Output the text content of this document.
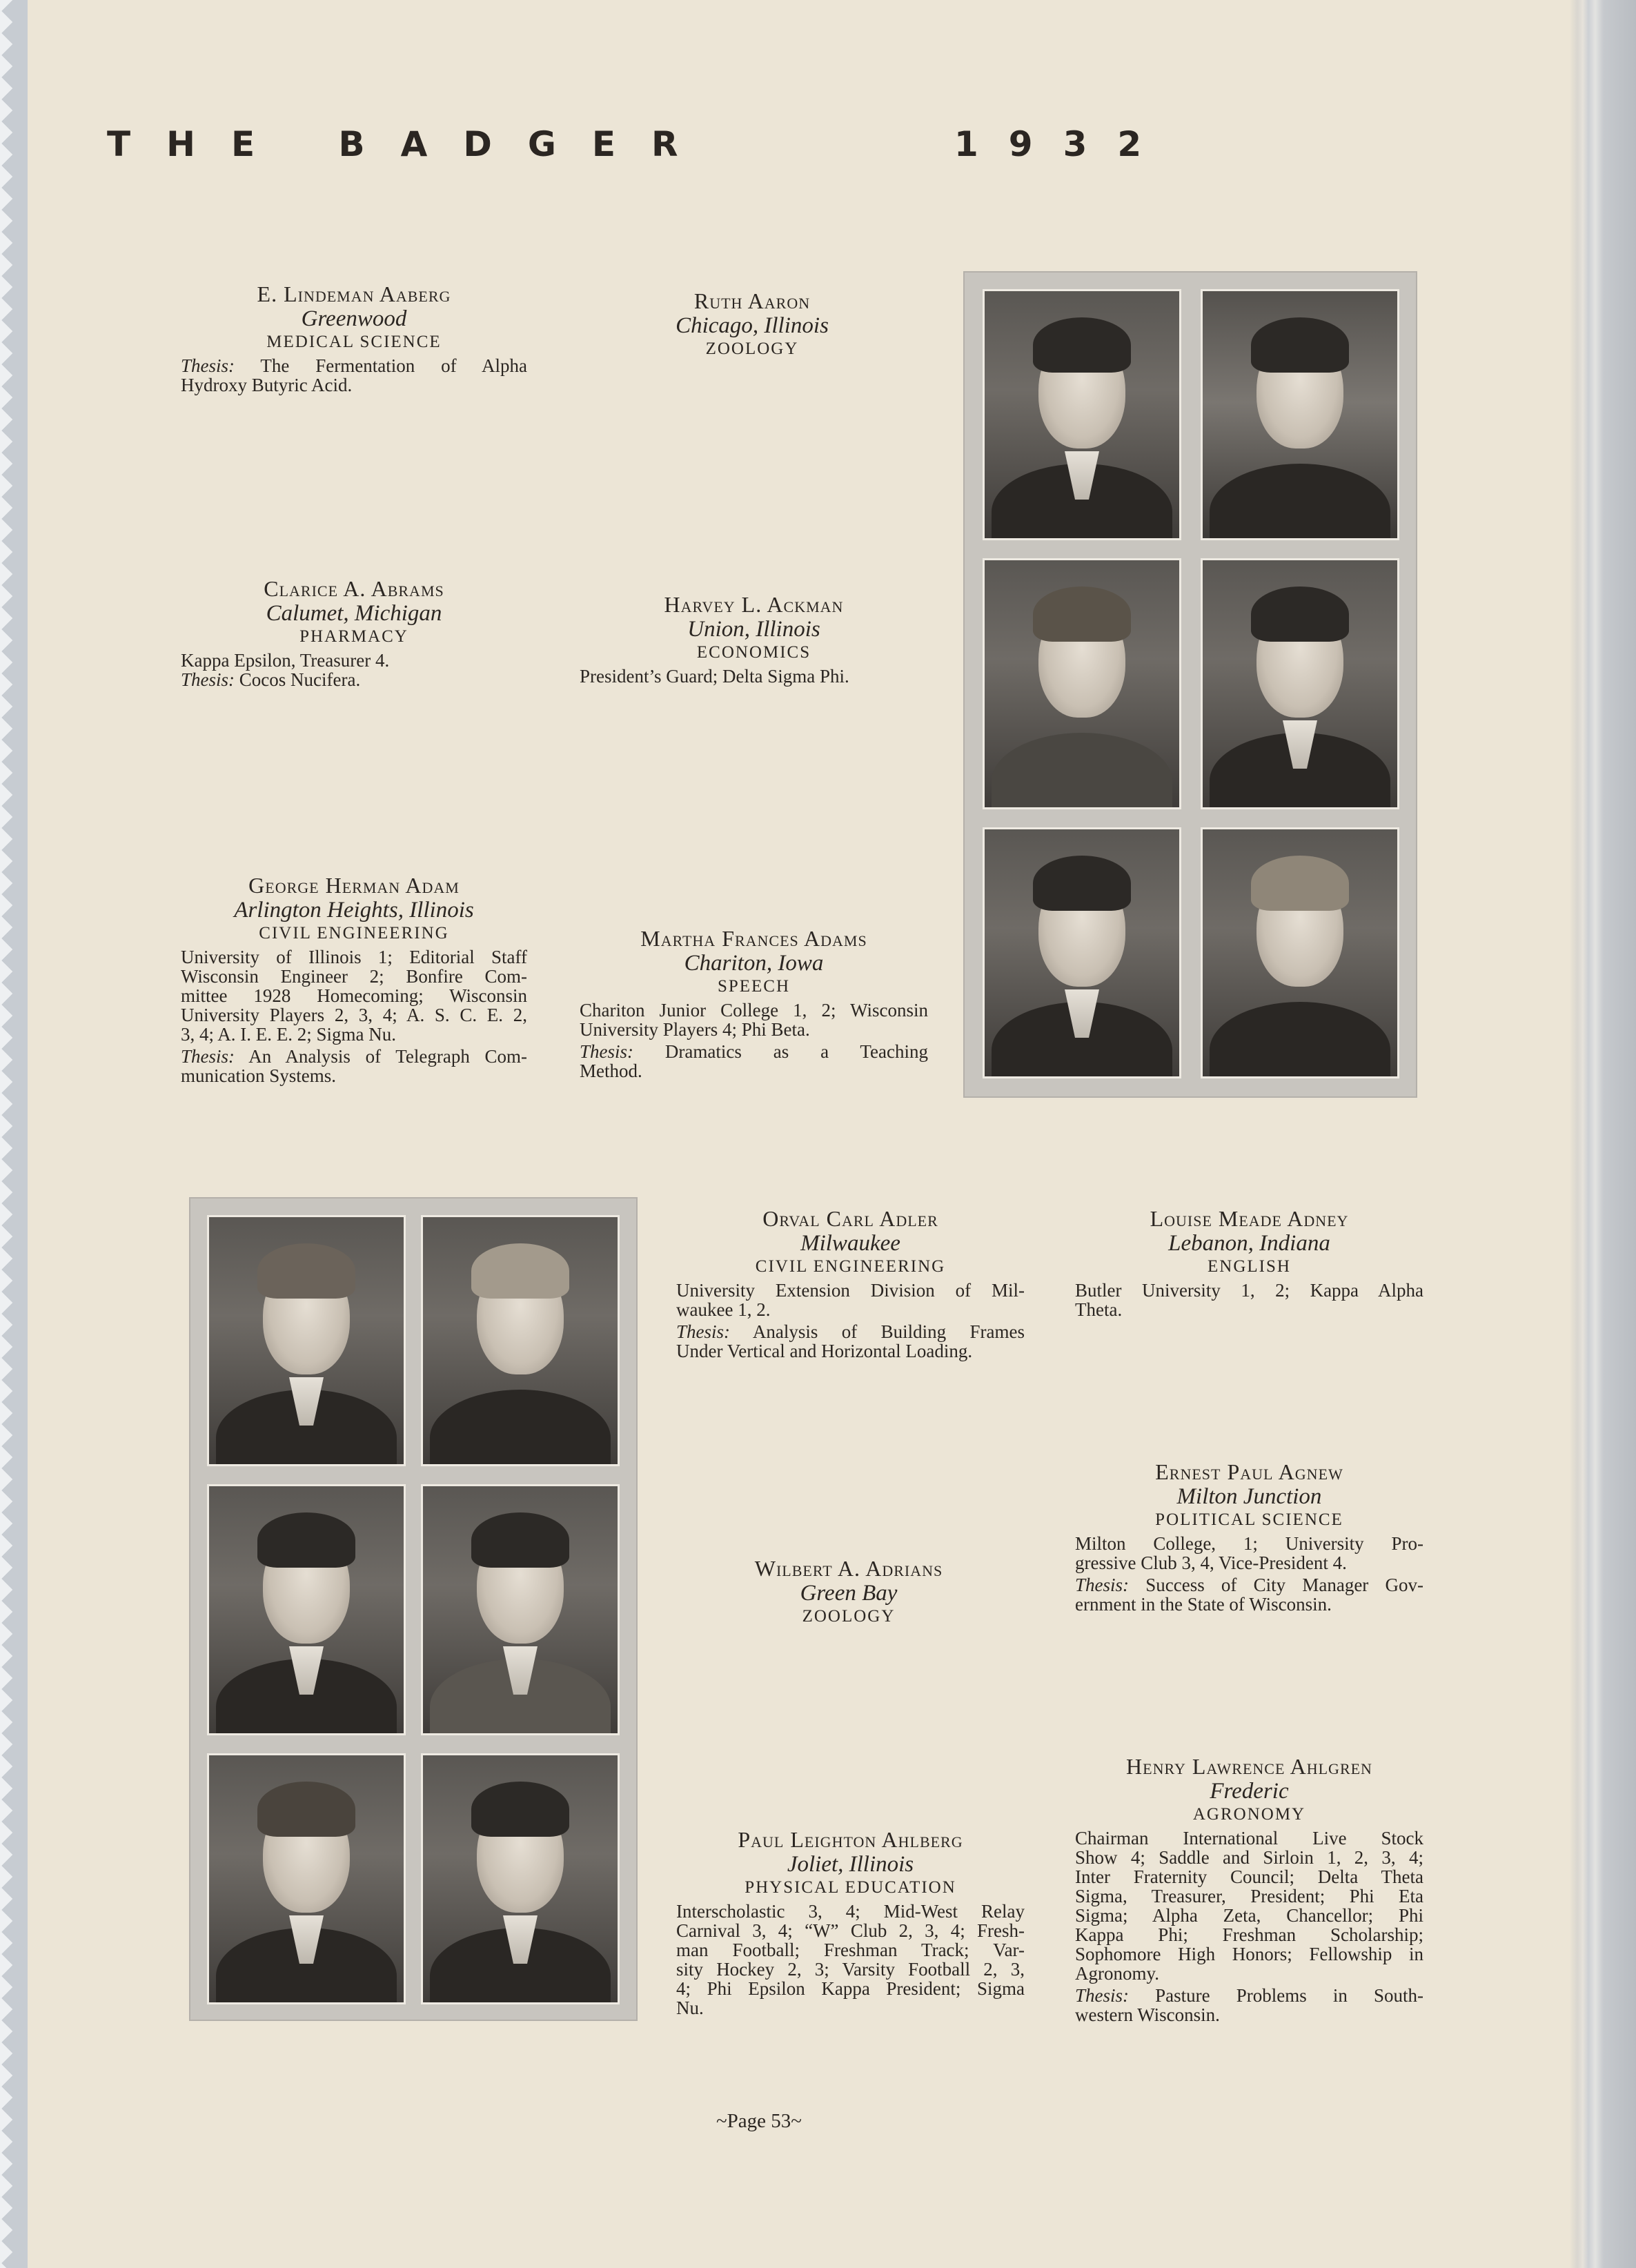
THE BADGER	1932
E. Lindeman Aaberg
Greenwood
MEDICAL SCIENCE
Thesis: The Fermentation of Alpha
Hydroxy Butyric Acid.
Ruth Aaron
Chicago, Illinois
ZOOLOGY
Clarice A. Abrams
Calumet, Michigan
PHARMACY
Kappa Epsilon, Treasurer 4.
Thesis: Cocos Nucifera.
Harvey L. Ackman
Union, Illinois
ECONOMICS
President’s Guard; Delta Sigma Phi.
George Herman Adam
Arlington Heights, Illinois
CIVIL ENGINEERING
University of Illinois 1; Editorial Staff
Wisconsin Engineer 2; Bonfire Com-
mittee 1928 Homecoming; Wisconsin
University Players 2, 3, 4; A. S. C. E. 2,
3, 4; A. I. E. E. 2; Sigma Nu.
Thesis: An Analysis of Telegraph Com-
munication Systems.
Martha Frances Adams
Chariton, Iowa
SPEECH
Chariton Junior College 1, 2; Wisconsin
University Players 4; Phi Beta.
Thesis: Dramatics as a Teaching
Method.
Orval Carl Adler
Milwaukee
CIVIL ENGINEERING
University Extension Division of Mil-
waukee 1, 2.
Thesis: Analysis of Building Frames
Under Vertical and Horizontal Loading.
Louise Meade Adney
Lebanon, Indiana
ENGLISH
Butler University 1, 2; Kappa Alpha
Theta.
Ernest Paul Agnew
Milton Junction
POLITICAL SCIENCE
Milton College, 1; University Pro-
gressive Club 3, 4, Vice-President 4.
Thesis: Success of City Manager Gov-
ernment in the State of Wisconsin.
Wilbert A. Adrians
Green Bay
ZOOLOGY
Henry Lawrence Ahlgren
Frederic
AGRONOMY
Chairman International Live Stock
Show 4; Saddle and Sirloin 1, 2, 3, 4;
Inter Fraternity Council; Delta Theta
Sigma, Treasurer, President; Phi Eta
Sigma; Alpha Zeta, Chancellor; Phi
Kappa Phi; Freshman Scholarship;
Sophomore High Honors; Fellowship in
Agronomy.
Thesis: Pasture Problems in South-
western Wisconsin.
Paul Leighton Ahlberg
Joliet, Illinois
PHYSICAL EDUCATION
Interscholastic 3, 4; Mid-West Relay
Carnival 3, 4; “W” Club 2, 3, 4; Fresh-
man Football; Freshman Track; Var-
sity Hockey 2, 3; Varsity Football 2, 3,
4; Phi Epsilon Kappa President; Sigma
Nu.
~Page 53~
